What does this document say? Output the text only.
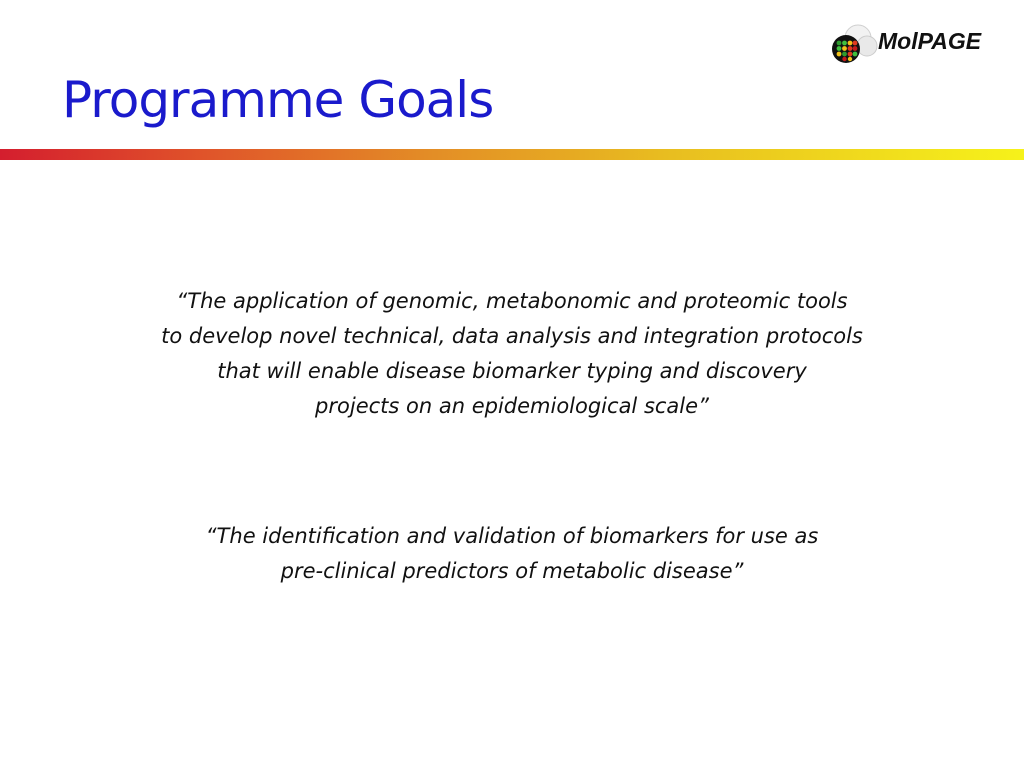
Programme Goals
MolPAGE

“The application of genomic, metabonomic and proteomic tools
to develop novel technical, data analysis and integration protocols
that will enable disease biomarker typing and discovery
projects on an epidemiological scale”

“The identification and validation of biomarkers for use as
pre-clinical predictors of metabolic disease”
